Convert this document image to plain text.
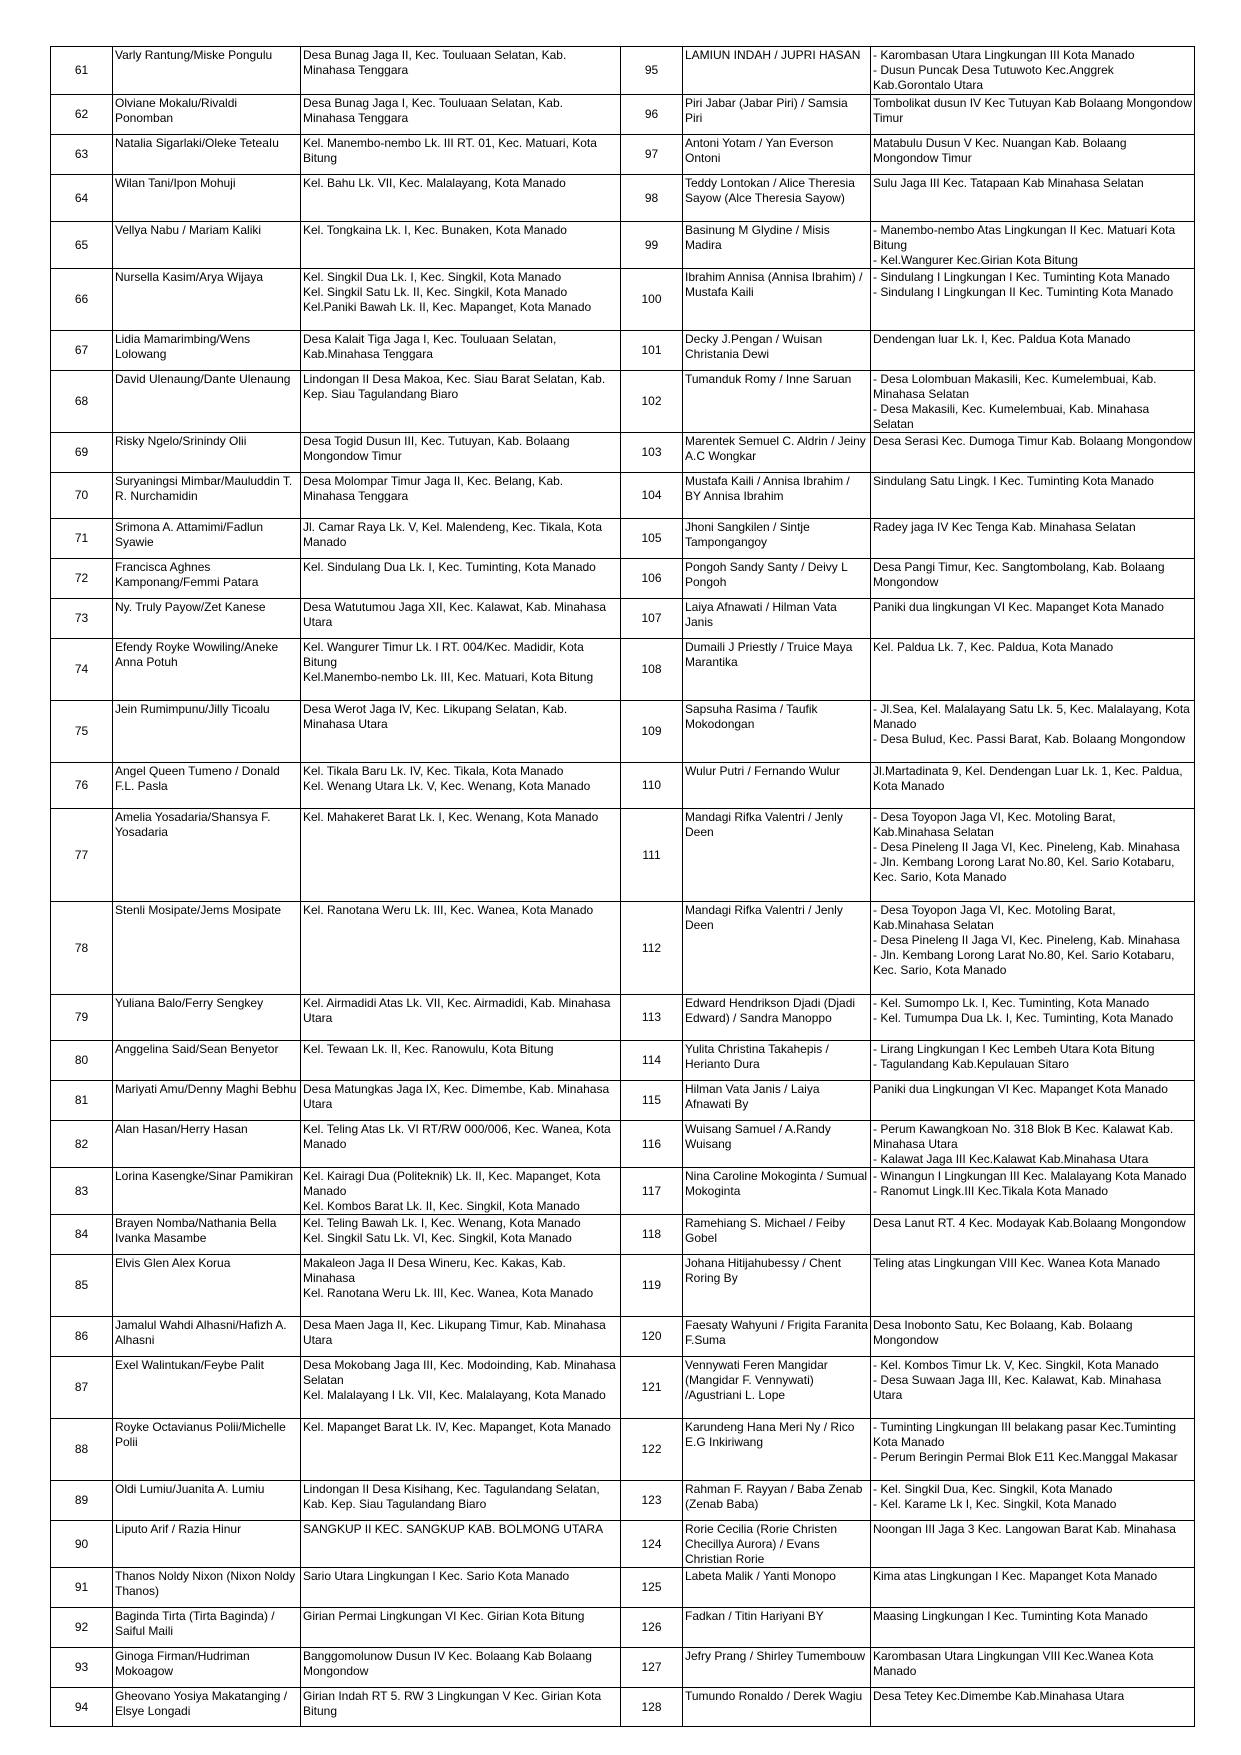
61	Varly Rantung/Miske Pongulu	Desa Bunag Jaga II, Kec. Touluaan Selatan, Kab. Minahasa Tenggara	95	LAMIUN INDAH / JUPRI HASAN	- Karombasan Utara Lingkungan III Kota Manado
- Dusun Puncak Desa Tutuwoto Kec.Anggrek Kab.Gorontalo Utara
62	Olviane Mokalu/Rivaldi Ponomban	Desa Bunag Jaga I, Kec. Touluaan Selatan, Kab. Minahasa Tenggara	96	Piri Jabar (Jabar Piri) / Samsia Piri	Tombolikat dusun IV Kec Tutuyan Kab Bolaang Mongondow Timur
63	Natalia Sigarlaki/Oleke TeteaIu	Kel. Manembo-nembo Lk. III RT. 01, Kec. Matuari, Kota Bitung	97	Antoni Yotam / Yan Everson Ontoni	Matabulu Dusun V Kec. Nuangan Kab. Bolaang Mongondow Timur
64	Wilan Tani/Ipon Mohuji	Kel. Bahu Lk. VII, Kec. Malalayang, Kota Manado	98	Teddy Lontokan / Alice Theresia Sayow (Alce Theresia Sayow)	Sulu Jaga III Kec. Tatapaan Kab Minahasa Selatan
65	Vellya Nabu / Mariam Kaliki	Kel. Tongkaina Lk. I, Kec. Bunaken, Kota Manado	99	Basinung M Glydine / Misis Madira	- Manembo-nembo Atas Lingkungan II Kec. Matuari Kota Bitung
- Kel.Wangurer Kec.Girian Kota Bitung
66	Nursella Kasim/Arya Wijaya	Kel. Singkil Dua Lk. I, Kec. Singkil, Kota Manado
Kel. Singkil Satu Lk. II, Kec. Singkil, Kota Manado
Kel.Paniki Bawah Lk. II, Kec. Mapanget, Kota Manado	100	Ibrahim Annisa (Annisa Ibrahim) / Mustafa Kaili	- Sindulang I Lingkungan I Kec. Tuminting Kota Manado
- Sindulang I Lingkungan II Kec. Tuminting Kota Manado
67	Lidia Mamarimbing/Wens Lolowang	Desa Kalait Tiga Jaga I, Kec. Touluaan Selatan, Kab.Minahasa Tenggara	101	Decky J.Pengan / Wuisan Christania Dewi	Dendengan luar Lk. I, Kec. Paldua Kota Manado
68	David Ulenaung/Dante Ulenaung	Lindongan II Desa Makoa, Kec. Siau Barat Selatan, Kab. Kep. Siau Tagulandang Biaro	102	Tumanduk Romy / Inne Saruan	- Desa Lolombuan Makasili, Kec. Kumelembuai, Kab. Minahasa Selatan
- Desa Makasili, Kec. Kumelembuai, Kab. Minahasa Selatan
69	Risky Ngelo/Srinindy Olii	Desa Togid Dusun III, Kec. Tutuyan, Kab. Bolaang Mongondow Timur	103	Marentek Semuel C. Aldrin / Jeiny A.C Wongkar	Desa Serasi Kec. Dumoga Timur Kab. Bolaang Mongondow
70	Suryaningsi Mimbar/Mauluddin T. R. Nurchamidin	Desa Molompar Timur Jaga II, Kec. Belang, Kab. Minahasa Tenggara	104	Mustafa Kaili / Annisa Ibrahim / BY Annisa Ibrahim	Sindulang Satu Lingk. I Kec. Tuminting Kota Manado
71	Srimona A. Attamimi/Fadlun Syawie	Jl. Camar Raya Lk. V, Kel. Malendeng, Kec. Tikala, Kota Manado	105	Jhoni Sangkilen / Sintje Tampongangoy	Radey jaga IV Kec Tenga Kab. Minahasa Selatan
72	Francisca Aghnes Kamponang/Femmi Patara	Kel. Sindulang Dua Lk. I, Kec. Tuminting, Kota Manado	106	Pongoh Sandy Santy / Deivy L Pongoh	Desa Pangi Timur, Kec. Sangtombolang, Kab. Bolaang Mongondow
73	Ny. Truly Payow/Zet Kanese	Desa Watutumou Jaga XII, Kec. Kalawat, Kab. Minahasa Utara	107	Laiya Afnawati / Hilman Vata Janis	Paniki dua lingkungan VI Kec. Mapanget Kota Manado
74	Efendy Royke Wowiling/Aneke Anna Potuh	Kel. Wangurer Timur Lk. I RT. 004/Kec. Madidir, Kota Bitung
Kel.Manembo-nembo Lk. III, Kec. Matuari, Kota Bitung	108	Dumaili J Priestly / Truice Maya Marantika	Kel. Paldua Lk. 7, Kec. Paldua, Kota Manado
75	Jein Rumimpunu/Jilly Ticoalu	Desa Werot Jaga IV, Kec. Likupang Selatan, Kab. Minahasa Utara	109	Sapsuha Rasima / Taufik Mokodongan	- Jl.Sea, Kel. Malalayang Satu Lk. 5, Kec. Malalayang, Kota Manado
- Desa Bulud, Kec. Passi Barat, Kab. Bolaang Mongondow
76	Angel Queen Tumeno / Donald F.L. Pasla	Kel. Tikala Baru Lk. IV, Kec. Tikala, Kota Manado
Kel. Wenang Utara Lk. V, Kec. Wenang, Kota Manado	110	Wulur Putri / Fernando Wulur	Jl.Martadinata 9, Kel. Dendengan Luar Lk. 1, Kec. Paldua, Kota Manado
77	Amelia Yosadaria/Shansya F. Yosadaria	Kel. Mahakeret Barat Lk. I, Kec. Wenang, Kota Manado	111	Mandagi Rifka Valentri / Jenly Deen	- Desa Toyopon Jaga VI, Kec. Motoling Barat, Kab.Minahasa Selatan
- Desa Pineleng II Jaga VI, Kec. Pineleng, Kab. Minahasa
- Jln. Kembang Lorong Larat No.80, Kel. Sario Kotabaru, Kec. Sario, Kota Manado
78	Stenli Mosipate/Jems Mosipate	Kel. Ranotana Weru Lk. III, Kec. Wanea, Kota Manado	112	Mandagi Rifka Valentri / Jenly Deen	- Desa Toyopon Jaga VI, Kec. Motoling Barat, Kab.Minahasa Selatan
- Desa Pineleng II Jaga VI, Kec. Pineleng, Kab. Minahasa
- Jln. Kembang Lorong Larat No.80, Kel. Sario Kotabaru, Kec. Sario, Kota Manado
79	Yuliana Balo/Ferry Sengkey	Kel. Airmadidi Atas Lk. VII, Kec. Airmadidi, Kab. Minahasa Utara	113	Edward Hendrikson Djadi (Djadi Edward) / Sandra Manoppo	- Kel. Sumompo Lk. I, Kec. Tuminting, Kota Manado
- Kel. Tumumpa Dua Lk. I, Kec. Tuminting, Kota Manado
80	Anggelina Said/Sean Benyetor	Kel. Tewaan Lk. II, Kec. Ranowulu, Kota Bitung	114	Yulita Christina Takahepis / Herianto Dura	- Lirang Lingkungan I Kec Lembeh Utara Kota Bitung
- Tagulandang Kab.Kepulauan Sitaro
81	Mariyati Amu/Denny Maghi Bebhu	Desa Matungkas Jaga IX, Kec. Dimembe, Kab. Minahasa Utara	115	Hilman Vata Janis / Laiya Afnawati By	Paniki dua Lingkungan VI Kec. Mapanget Kota Manado
82	Alan Hasan/Herry Hasan	Kel. Teling Atas Lk. VI RT/RW 000/006, Kec. Wanea, Kota Manado	116	Wuisang Samuel / A.Randy Wuisang	- Perum Kawangkoan No. 318 Blok B Kec. Kalawat Kab. Minahasa Utara
- Kalawat Jaga III Kec.Kalawat Kab.Minahasa Utara
83	Lorina Kasengke/Sinar Pamikiran	Kel. Kairagi Dua (Politeknik) Lk. II, Kec. Mapanget, Kota Manado
Kel. Kombos Barat Lk. II, Kec. Singkil, Kota Manado	117	Nina Caroline Mokoginta / Sumual Mokoginta	- Winangun I Lingkungan III Kec. Malalayang Kota Manado
- Ranomut Lingk.III Kec.Tikala Kota Manado
84	Brayen Nomba/Nathania Bella Ivanka Masambe	Kel. Teling Bawah Lk. I, Kec. Wenang, Kota Manado
Kel. Singkil Satu Lk. VI, Kec. Singkil, Kota Manado	118	Ramehiang S. Michael / Feiby Gobel	Desa Lanut RT. 4 Kec. Modayak Kab.Bolaang Mongondow
85	Elvis Glen Alex Korua	Makaleon Jaga II Desa Wineru, Kec. Kakas, Kab. Minahasa
Kel. Ranotana Weru Lk. III, Kec. Wanea, Kota Manado	119	Johana Hitijahubessy / Chent Roring By	Teling atas Lingkungan VIII Kec. Wanea Kota Manado
86	Jamalul Wahdi Alhasni/Hafizh A. Alhasni	Desa Maen Jaga II, Kec. Likupang Timur, Kab. Minahasa Utara	120	Faesaty Wahyuni / Frigita Faranita F.Suma	Desa Inobonto Satu, Kec Bolaang, Kab. Bolaang Mongondow
87	Exel Walintukan/Feybe Palit	Desa Mokobang Jaga III, Kec. Modoinding, Kab. Minahasa Selatan
Kel. Malalayang I Lk. VII, Kec. Malalayang, Kota Manado	121	Vennywati Feren Mangidar (Mangidar F. Vennywati) /Agustriani L. Lope	- Kel. Kombos Timur Lk. V, Kec. Singkil, Kota Manado
- Desa Suwaan Jaga III, Kec. Kalawat, Kab. Minahasa Utara
88	Royke Octavianus Polii/Michelle Polii	Kel. Mapanget Barat Lk. IV, Kec. Mapanget, Kota Manado	122	Karundeng Hana Meri Ny / Rico E.G Inkiriwang	- Tuminting Lingkungan III belakang pasar Kec.Tuminting Kota Manado
- Perum Beringin Permai Blok E11 Kec.Manggal Makasar
89	Oldi Lumiu/Juanita A. Lumiu	Lindongan II Desa Kisihang, Kec. Tagulandang Selatan, Kab. Kep. Siau Tagulandang Biaro	123	Rahman F. Rayyan / Baba Zenab (Zenab Baba)	- Kel. Singkil Dua, Kec. Singkil, Kota Manado
- Kel. Karame Lk I, Kec. Singkil, Kota Manado
90	Liputo Arif / Razia Hinur	SANGKUP II KEC. SANGKUP KAB. BOLMONG UTARA	124	Rorie Cecilia (Rorie Christen Checillya Aurora) / Evans Christian Rorie	Noongan III Jaga 3 Kec. Langowan Barat Kab. Minahasa
91	Thanos Noldy Nixon (Nixon Noldy Thanos)	Sario Utara Lingkungan I Kec. Sario Kota Manado	125	Labeta Malik / Yanti Monopo	Kima atas Lingkungan I Kec. Mapanget Kota Manado
92	Baginda Tirta (Tirta Baginda) / Saiful Maili	Girian Permai Lingkungan VI Kec. Girian Kota Bitung	126	Fadkan / Titin Hariyani BY	Maasing Lingkungan I Kec. Tuminting Kota Manado
93	Ginoga Firman/Hudriman Mokoagow	Banggomolunow Dusun IV Kec. Bolaang Kab Bolaang Mongondow	127	Jefry Prang / Shirley Tumembouw	Karombasan Utara Lingkungan VIII Kec.Wanea Kota Manado
94	Gheovano Yosiya Makatanging / Elsye Longadi	Girian Indah RT 5. RW 3 Lingkungan V Kec. Girian Kota Bitung	128	Tumundo Ronaldo / Derek Wagiu	Desa Tetey Kec.Dimembe Kab.Minahasa Utara
